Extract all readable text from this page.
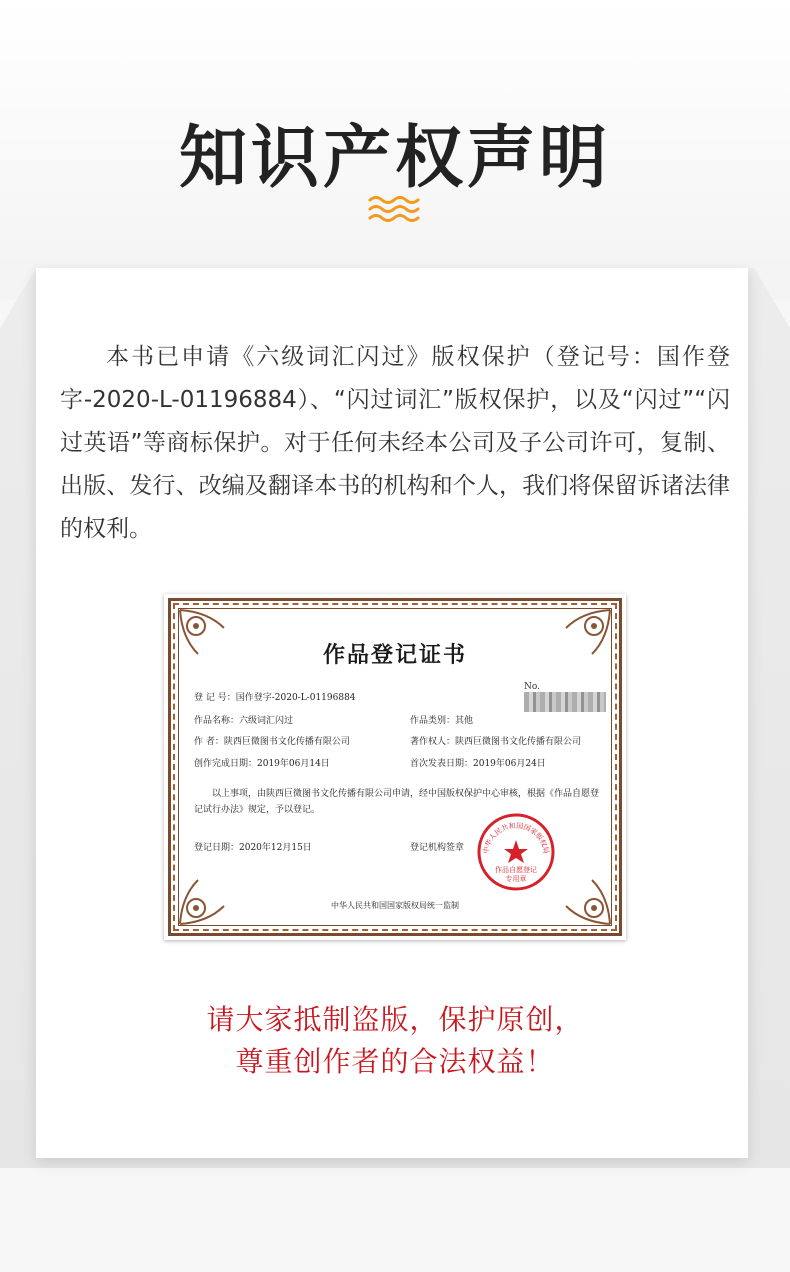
知识产权声明

本书已申请《六级词汇闪过》版权保护（登记号：国作登字-2020-L-01196884）、“闪过词汇”版权保护，以及“闪过”“闪过英语”等商标保护。对于任何未经本公司及子公司许可，复制、出版、发行、改编及翻译本书的机构和个人，我们将保留诉诸法律的权利。

作品登记证书
No.
登 记 号：国作登字-2020-L-01196884
作品名称：六级词汇闪过	作品类别：其他
作 者：陕西巨微图书文化传播有限公司	著作权人：陕西巨微图书文化传播有限公司
创作完成日期：2019年06月14日	首次发表日期：2019年06月24日

以上事项，由陕西巨微图书文化传播有限公司申请，经中国版权保护中心审核，根据《作品自愿登记试行办法》规定，予以登记。

登记日期：2020年12月15日	登记机构签章	中华人民共和国国家版权局
作品自愿登记
专用章
中华人民共和国国家版权局统一监制

请大家抵制盗版，保护原创，

尊重创作者的合法权益！
